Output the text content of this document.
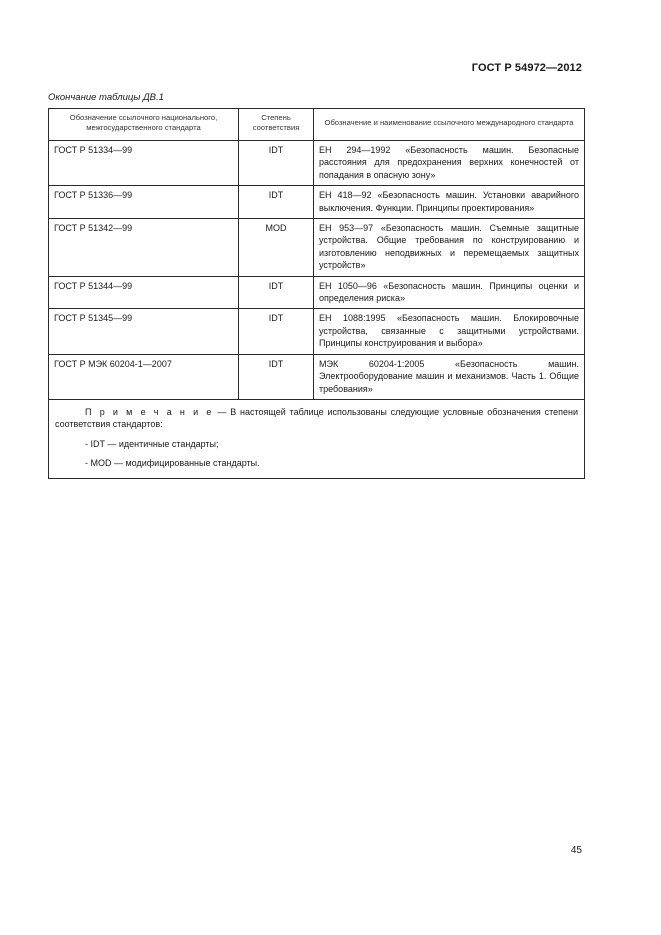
ГОСТ Р 54972—2012
Окончание таблицы ДВ.1
Обозначение ссылочного национального, межгосударственного стандарта	Степень соответствия	Обозначение и наименование ссылочного международного стандарта
ГОСТ Р 51334—99	IDT	ЕН 294—1992 «Безопасность машин. Безопасные расстояния для предохранения верхних конечностей от попадания в опасную зону»
ГОСТ Р 51336—99	IDT	ЕН 418—92 «Безопасность машин. Установки аварийного выключения. Функции. Принципы проектирования»
ГОСТ Р 51342—99	MOD	ЕН 953—97 «Безопасность машин. Съемные защитные устройства. Общие требования по конструированию и изготовлению неподвижных и перемещаемых защитных устройств»
ГОСТ Р 51344—99	IDT	ЕН 1050—96 «Безопасность машин. Принципы оценки и определения риска»
ГОСТ Р 51345—99	IDT	ЕН 1088:1995 «Безопасность машин. Блокировочные устройства, связанные с защитными устройствами. Принципы конструирования и выбора»
ГОСТ Р МЭК 60204-1—2007	IDT	МЭК 60204-1:2005 «Безопасность машин. Электрооборудование машин и механизмов. Часть 1. Общие требования»

П р и м е ч а н и е — В настоящей таблице использованы следующие условные обозначения степени соответствия стандартов:

- IDT — идентичные стандарты;

- MOD — модифицированные стандарты.		

45
